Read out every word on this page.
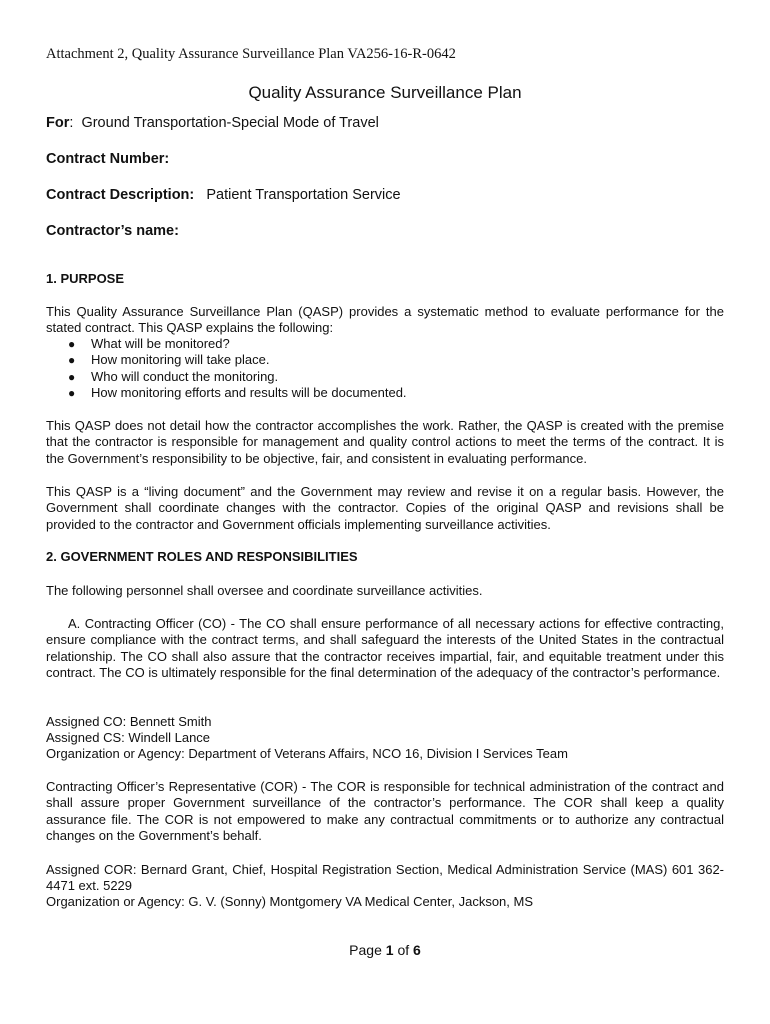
Attachment 2, Quality Assurance Surveillance Plan VA256-16-R-0642
Quality Assurance Surveillance Plan
For:  Ground Transportation-Special Mode of Travel
Contract Number:
Contract Description: Patient Transportation Service
Contractor’s name:
1. PURPOSE

This Quality Assurance Surveillance Plan (QASP) provides a systematic method to evaluate performance for the stated contract. This QASP explains the following:

● What will be monitored?
● How monitoring will take place.
● Who will conduct the monitoring.
● How monitoring efforts and results will be documented.

This QASP does not detail how the contractor accomplishes the work. Rather, the QASP is created with the premise that the contractor is responsible for management and quality control actions to meet the terms of the contract. It is the Government’s responsibility to be objective, fair, and consistent in evaluating performance.

This QASP is a “living document” and the Government may review and revise it on a regular basis. However, the Government shall coordinate changes with the contractor. Copies of the original QASP and revisions shall be provided to the contractor and Government officials implementing surveillance activities.

2. GOVERNMENT ROLES AND RESPONSIBILITIES

The following personnel shall oversee and coordinate surveillance activities.

A. Contracting Officer (CO) - The CO shall ensure performance of all necessary actions for effective contracting, ensure compliance with the contract terms, and shall safeguard the interests of the United States in the contractual relationship. The CO shall also assure that the contractor receives impartial, fair, and equitable treatment under this contract. The CO is ultimately responsible for the final determination of the adequacy of the contractor’s performance.

Assigned CO: Bennett Smith
Assigned CS: Windell Lance
Organization or Agency: Department of Veterans Affairs, NCO 16, Division I Services Team

Contracting Officer’s Representative (COR) - The COR is responsible for technical administration of the contract and shall assure proper Government surveillance of the contractor’s performance. The COR shall keep a quality assurance file. The COR is not empowered to make any contractual commitments or to authorize any contractual changes on the Government’s behalf.

Assigned COR: Bernard Grant, Chief, Hospital Registration Section, Medical Administration Service (MAS) 601 362-4471 ext. 5229

Organization or Agency: G. V. (Sonny) Montgomery VA Medical Center, Jackson, MS
Page 1 of 6
